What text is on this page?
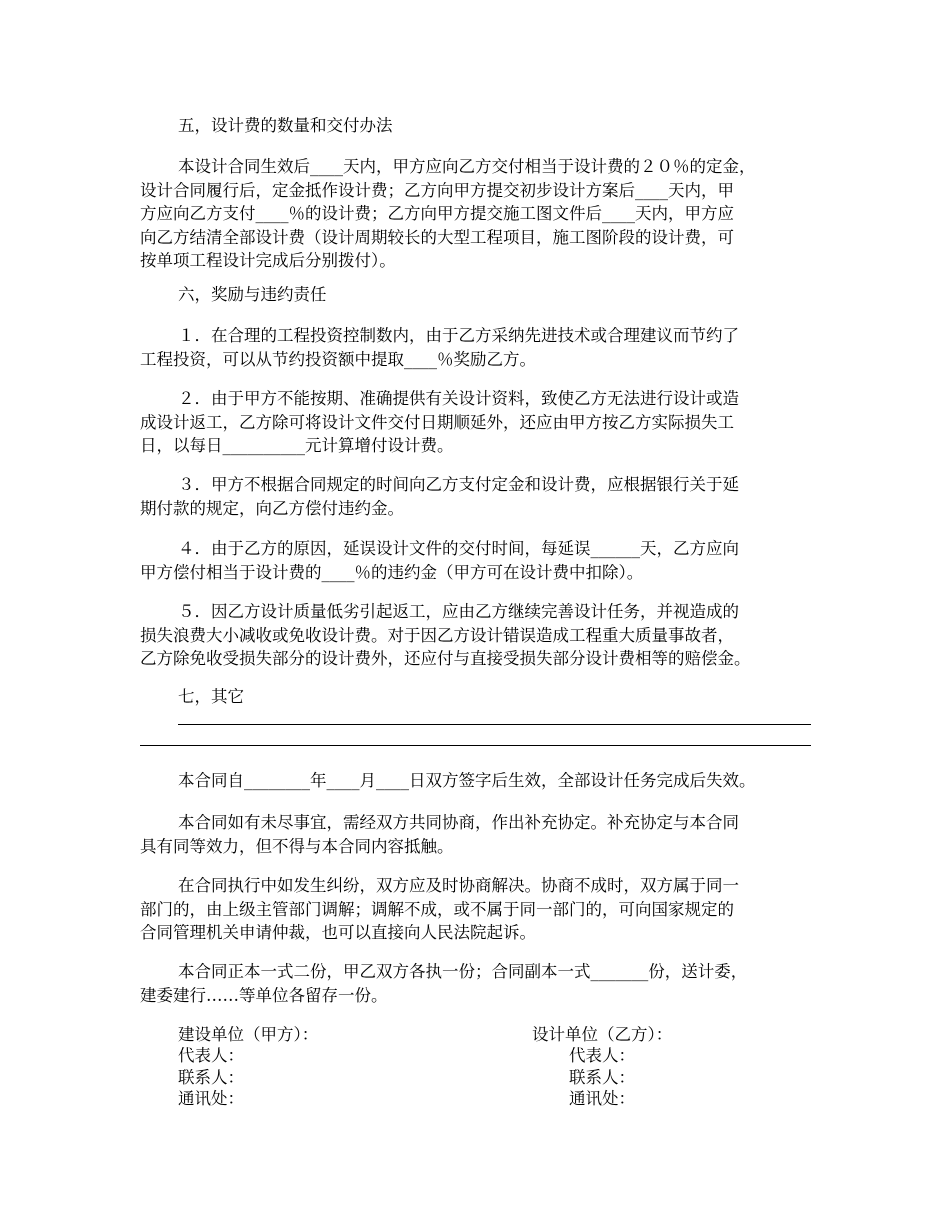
五，设计费的数量和交付办法
本设计合同生效后____天内，甲方应向乙方交付相当于设计费的２０％的定金，
设计合同履行后，定金抵作设计费；乙方向甲方提交初步设计方案后____天内，甲
方应向乙方支付____％的设计费；乙方向甲方提交施工图文件后____天内，甲方应
向乙方结清全部设计费（设计周期较长的大型工程项目，施工图阶段的设计费，可
按单项工程设计完成后分别拨付）。
六，奖励与违约责任
１．在合理的工程投资控制数内，由于乙方采纳先进技术或合理建议而节约了
工程投资，可以从节约投资额中提取____％奖励乙方。
２．由于甲方不能按期、准确提供有关设计资料，致使乙方无法进行设计或造
成设计返工，乙方除可将设计文件交付日期顺延外，还应由甲方按乙方实际损失工
日，以每日__________元计算增付设计费。
３．甲方不根据合同规定的时间向乙方支付定金和设计费，应根据银行关于延
期付款的规定，向乙方偿付违约金。
４．由于乙方的原因，延误设计文件的交付时间，每延误______天，乙方应向
甲方偿付相当于设计费的____％的违约金（甲方可在设计费中扣除）。
５．因乙方设计质量低劣引起返工，应由乙方继续完善设计任务，并视造成的
损失浪费大小减收或免收设计费。对于因乙方设计错误造成工程重大质量事故者，
乙方除免收受损失部分的设计费外，还应付与直接受损失部分设计费相等的赔偿金。
七，其它
本合同自________年____月____日双方签字后生效，全部设计任务完成后失效。
本合同如有未尽事宜，需经双方共同协商，作出补充协定。补充协定与本合同
具有同等效力，但不得与本合同内容抵触。
在合同执行中如发生纠纷，双方应及时协商解决。协商不成时，双方属于同一
部门的，由上级主管部门调解；调解不成，或不属于同一部门的，可向国家规定的
合同管理机关申请仲裁，也可以直接向人民法院起诉。
本合同正本一式二份，甲乙双方各执一份；合同副本一式_______份，送计委，
建委建行……等单位各留存一份。
建设单位（甲方）：
代表人：
联系人：
通讯处：
设计单位（乙方）：
代表人：
联系人：
通讯处：
